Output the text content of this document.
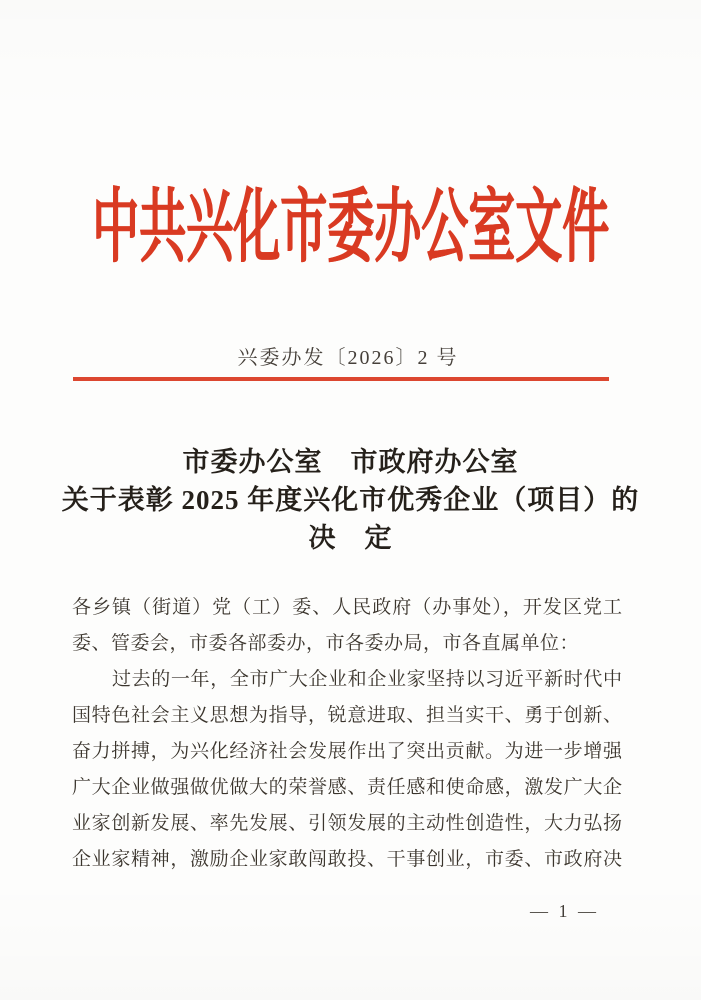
中共兴化市委办公室文件
兴委办发〔2026〕2 号
市委办公室　市政府办公室
关于表彰 2025 年度兴化市优秀企业（项目）的
决　定
各乡镇（街道）党（工）委、人民政府（办事处），开发区党工
委、管委会，市委各部委办，市各委办局，市各直属单位：
过去的一年，全市广大企业和企业家坚持以习近平新时代中
国特色社会主义思想为指导，锐意进取、担当实干、勇于创新、
奋力拼搏，为兴化经济社会发展作出了突出贡献。为进一步增强
广大企业做强做优做大的荣誉感、责任感和使命感，激发广大企
业家创新发展、率先发展、引领发展的主动性创造性，大力弘扬
企业家精神，激励企业家敢闯敢投、干事创业，市委、市政府决
— 1 —
